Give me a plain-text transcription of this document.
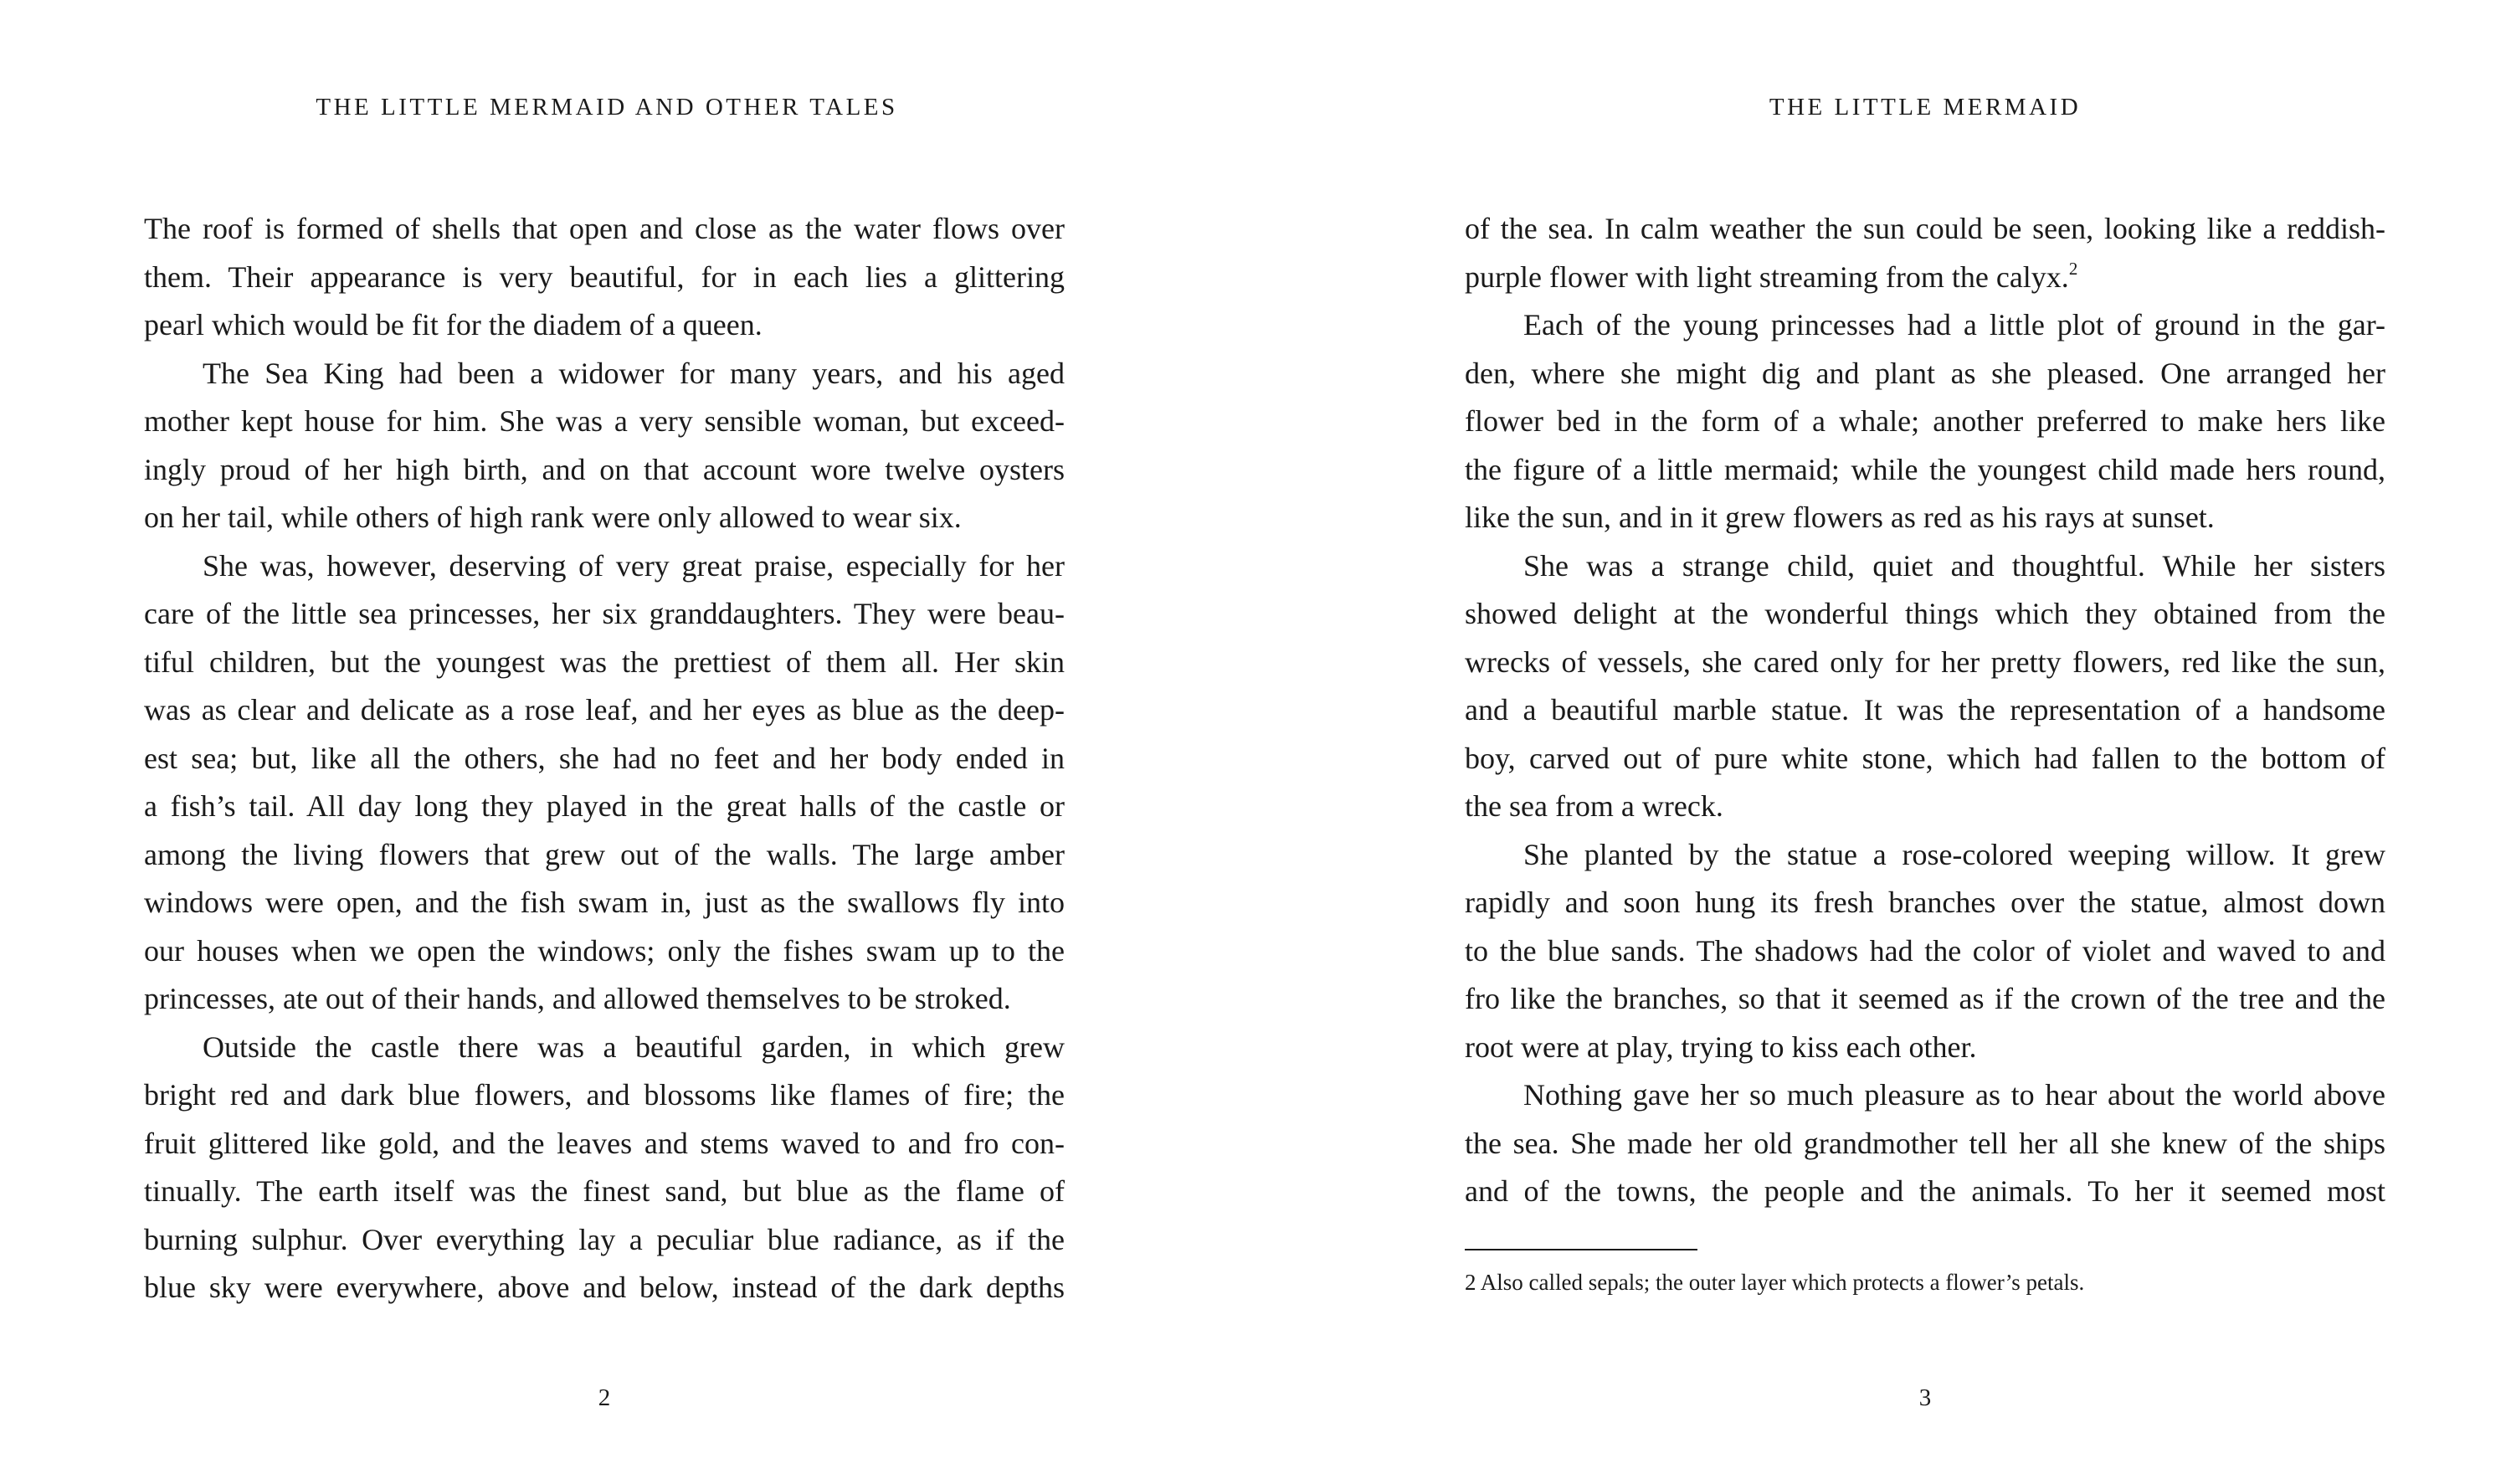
THE LITTLE MERMAID AND OTHER TALES
The roof is formed of shells that open and close as the water flows over
them. Their appearance is very beautiful, for in each lies a glittering
pearl which would be fit for the diadem of a queen.
The Sea King had been a widower for many years, and his aged
mother kept house for him. She was a very sensible woman, but exceed-
ingly proud of her high birth, and on that account wore twelve oysters
on her tail, while others of high rank were only allowed to wear six.
She was, however, deserving of very great praise, especially for her
care of the little sea princesses, her six granddaughters. They were beau-
tiful children, but the youngest was the prettiest of them all. Her skin
was as clear and delicate as a rose leaf, and her eyes as blue as the deep-
est sea; but, like all the others, she had no feet and her body ended in
a fish’s tail. All day long they played in the great halls of the castle or
among the living flowers that grew out of the walls. The large amber
windows were open, and the fish swam in, just as the swallows fly into
our houses when we open the windows; only the fishes swam up to the
princesses, ate out of their hands, and allowed themselves to be stroked.
Outside the castle there was a beautiful garden, in which grew
bright red and dark blue flowers, and blossoms like flames of fire; the
fruit glittered like gold, and the leaves and stems waved to and fro con-
tinually. The earth itself was the finest sand, but blue as the flame of
burning sulphur. Over everything lay a peculiar blue radiance, as if the
blue sky were everywhere, above and below, instead of the dark depths
2
THE LITTLE MERMAID
of the sea. In calm weather the sun could be seen, looking like a reddish-
purple flower with light streaming from the calyx.$^2$
Each of the young princesses had a little plot of ground in the gar-
den, where she might dig and plant as she pleased. One arranged her
flower bed in the form of a whale; another preferred to make hers like
the figure of a little mermaid; while the youngest child made hers round,
like the sun, and in it grew flowers as red as his rays at sunset.
She was a strange child, quiet and thoughtful. While her sisters
showed delight at the wonderful things which they obtained from the
wrecks of vessels, she cared only for her pretty flowers, red like the sun,
and a beautiful marble statue. It was the representation of a handsome
boy, carved out of pure white stone, which had fallen to the bottom of
the sea from a wreck.
She planted by the statue a rose-colored weeping willow. It grew
rapidly and soon hung its fresh branches over the statue, almost down
to the blue sands. The shadows had the color of violet and waved to and
fro like the branches, so that it seemed as if the crown of the tree and the
root were at play, trying to kiss each other.
Nothing gave her so much pleasure as to hear about the world above
the sea. She made her old grandmother tell her all she knew of the ships
and of the towns, the people and the animals. To her it seemed most
2 Also called sepals; the outer layer which protects a flower’s petals.
3
